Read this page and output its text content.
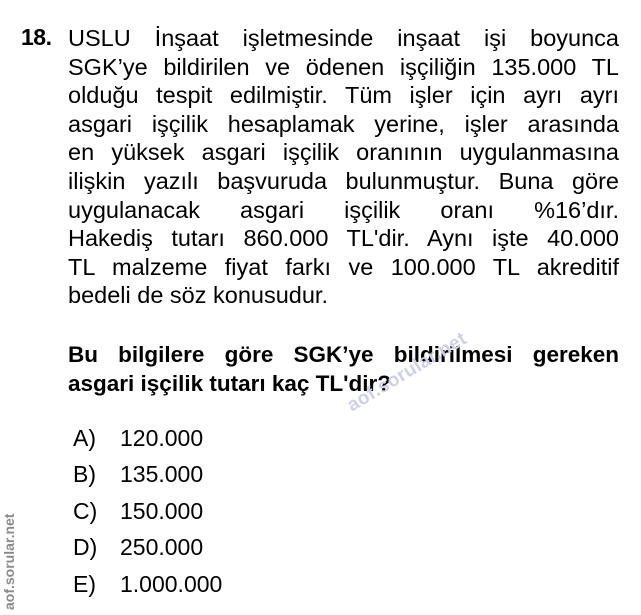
18. USLU İnşaat işletmesinde inşaat işi boyunca
SGK’ye bildirilen ve ödenen işçiliğin 135.000 TL
olduğu tespit edilmiştir. Tüm işler için ayrı ayrı
asgari işçilik hesaplamak yerine, işler arasında
en yüksek asgari işçilik oranının uygulanmasına
ilişkin yazılı başvuruda bulunmuştur. Buna göre
uygulanacak asgari işçilik oranı %16’dır.
Hakediş tutarı 860.000 TL'dir. Aynı işte 40.000
TL malzeme fiyat farkı ve 100.000 TL akreditif
bedeli de söz konusudur.
Bu bilgilere göre SGK’ye bildirilmesi gereken
asgari işçilik tutarı kaç TL'dir?
A)	120.000
B)	135.000
C) 150.000
D) 250.000
E)	1.000.000
aof.sorular.net
aof.sorular.net
